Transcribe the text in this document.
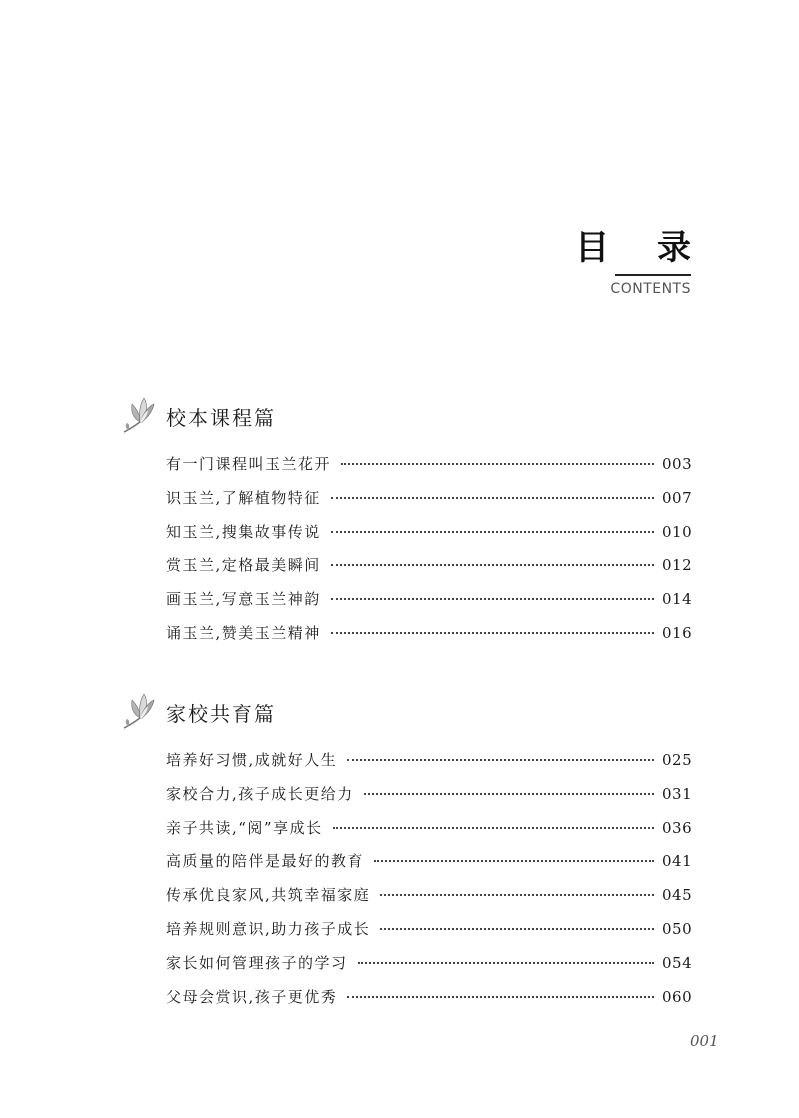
目 录
CONTENTS
校本课程篇
有一门课程叫玉兰花开	003
识玉兰,了解植物特征	007
知玉兰,搜集故事传说	010
赏玉兰,定格最美瞬间	012
画玉兰,写意玉兰神韵	014
诵玉兰,赞美玉兰精神	016
家校共育篇
培养好习惯,成就好人生	025
家校合力,孩子成长更给力	031
亲子共读,“阅”享成长	036
高质量的陪伴是最好的教育	041
传承优良家风,共筑幸福家庭	045
培养规则意识,助力孩子成长	050
家长如何管理孩子的学习	054
父母会赏识,孩子更优秀	060
001
